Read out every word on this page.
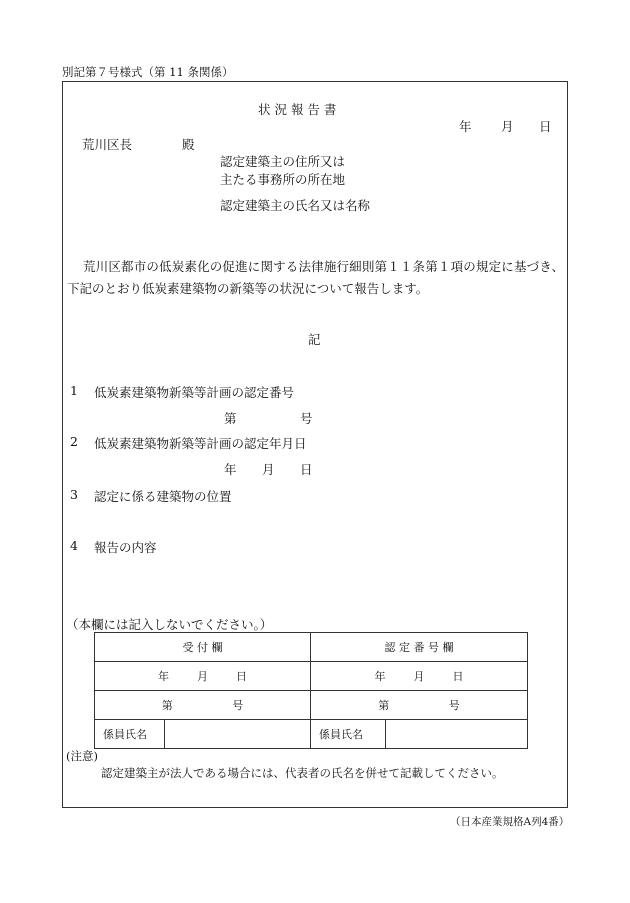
別記第７号様式（第 11 条関係）
状 況 報 告 書
年 月 日
荒川区長	殿
認定建築主の住所又は
主たる事務所の所在地
認定建築主の氏名又は名称
荒川区都市の低炭素化の促進に関する法律施行細則第１１条第１項の規定に基づき、下記のとおり低炭素建築物の新築等の状況について報告します。
記
1 低炭素建築物新築等計画の認定番号
第	号
2 低炭素建築物新築等計画の認定年月日
年 月 日
3 認定に係る建築物の位置
4 報告の内容
（本欄には記入しないでください。）
受 付 欄		認 定 番 号 欄	
年 月 日		年 月 日	
第 号		第 号	
係員氏名		係員氏名	
(注意)
認定建築主が法人である場合には、代表者の氏名を併せて記載してください。
（日本産業規格A列4番）
